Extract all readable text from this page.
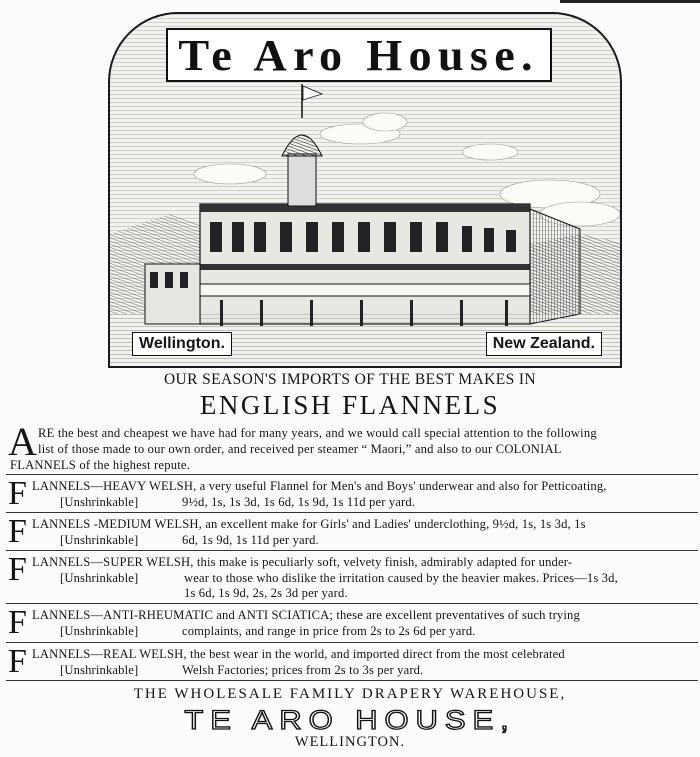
Te Aro House.
Wellington.	New Zealand.
OUR SEASON'S IMPORTS OF THE BEST MAKES IN
ENGLISH FLANNELS
A RE the best and cheapest we have had for many years, and we would call special attention to the following
list of those made to our own order, and received per steamer “ Maori,” and also to our COLONIAL
FLANNELS of the highest repute.
F LANNELS—HEAVY WELSH, a very useful Flannel for Men's and Boys' underwear and also for Petticoating,
[Unshrinkable]	9½d, 1s, 1s 3d, 1s 6d, 1s 9d, 1s 11d per yard.
F LANNELS -MEDIUM WELSH, an excellent make for Girls' and Ladies' underclothing, 9½d, 1s, 1s 3d, 1s
[Unshrinkable]	6d, 1s 9d, 1s 11d per yard.
F LANNELS—SUPER WELSH, this make is peculiarly soft, velvety finish, admirably adapted for under-
[Unshrinkable]	wear to those who dislike the irritation caused by the heavier makes. Prices—1s 3d,
1s 6d, 1s 9d, 2s, 2s 3d per yard.
F LANNELS—ANTI-RHEUMATIC and ANTI SCIATICA; these are excellent preventatives of such trying
[Unshrinkable]	complaints, and range in price from 2s to 2s 6d per yard.
F LANNELS—REAL WELSH, the best wear in the world, and imported direct from the most celebrated
[Unshrinkable]	Welsh Factories; prices from 2s to 3s per yard.
THE WHOLESALE FAMILY DRAPERY WAREHOUSE,
TE ARO HOUSE,
WELLINGTON.
